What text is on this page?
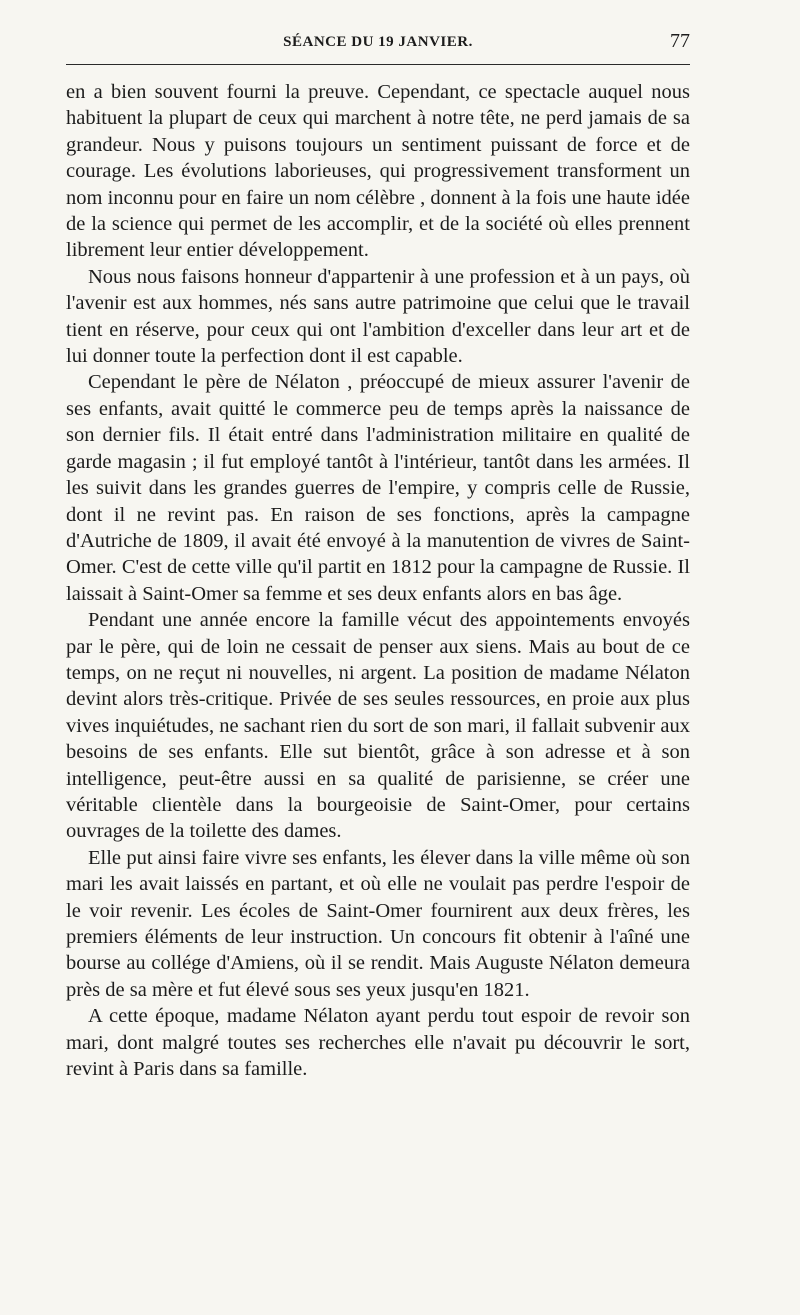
SÉANCE DU 19 JANVIER.	77

en a bien souvent fourni la preuve. Cependant, ce spectacle auquel nous habituent la plupart de ceux qui marchent à notre tête, ne perd jamais de sa grandeur. Nous y puisons toujours un sentiment puissant de force et de courage. Les évolutions laborieuses, qui progressivement transforment un nom inconnu pour en faire un nom célèbre , donnent à la fois une haute idée de la science qui permet de les accomplir, et de la société où elles prennent librement leur entier développement.

Nous nous faisons honneur d'appartenir à une profession et à un pays, où l'avenir est aux hommes, nés sans autre patrimoine que celui que le travail tient en réserve, pour ceux qui ont l'ambition d'exceller dans leur art et de lui donner toute la perfection dont il est capable.

Cependant le père de Nélaton , préoccupé de mieux assurer l'avenir de ses enfants, avait quitté le commerce peu de temps après la naissance de son dernier fils. Il était entré dans l'administration militaire en qualité de garde magasin ; il fut employé tantôt à l'intérieur, tantôt dans les armées. Il les suivit dans les grandes guerres de l'empire, y compris celle de Russie, dont il ne revint pas. En raison de ses fonctions, après la campagne d'Autriche de 1809, il avait été envoyé à la manutention de vivres de Saint-Omer. C'est de cette ville qu'il partit en 1812 pour la campagne de Russie. Il laissait à Saint-Omer sa femme et ses deux enfants alors en bas âge.

Pendant une année encore la famille vécut des appointements envoyés par le père, qui de loin ne cessait de penser aux siens. Mais au bout de ce temps, on ne reçut ni nouvelles, ni argent. La position de madame Nélaton devint alors très-critique. Privée de ses seules ressources, en proie aux plus vives inquiétudes, ne sachant rien du sort de son mari, il fallait subvenir aux besoins de ses enfants. Elle sut bientôt, grâce à son adresse et à son intelligence, peut-être aussi en sa qualité de parisienne, se créer une véritable clientèle dans la bourgeoisie de Saint-Omer, pour certains ouvrages de la toilette des dames.

Elle put ainsi faire vivre ses enfants, les élever dans la ville même où son mari les avait laissés en partant, et où elle ne voulait pas perdre l'espoir de le voir revenir. Les écoles de Saint-Omer fournirent aux deux frères, les premiers éléments de leur instruction. Un concours fit obtenir à l'aîné une bourse au collége d'Amiens, où il se rendit. Mais Auguste Nélaton demeura près de sa mère et fut élevé sous ses yeux jusqu'en 1821.

A cette époque, madame Nélaton ayant perdu tout espoir de revoir son mari, dont malgré toutes ses recherches elle n'avait pu découvrir le sort, revint à Paris dans sa famille.
